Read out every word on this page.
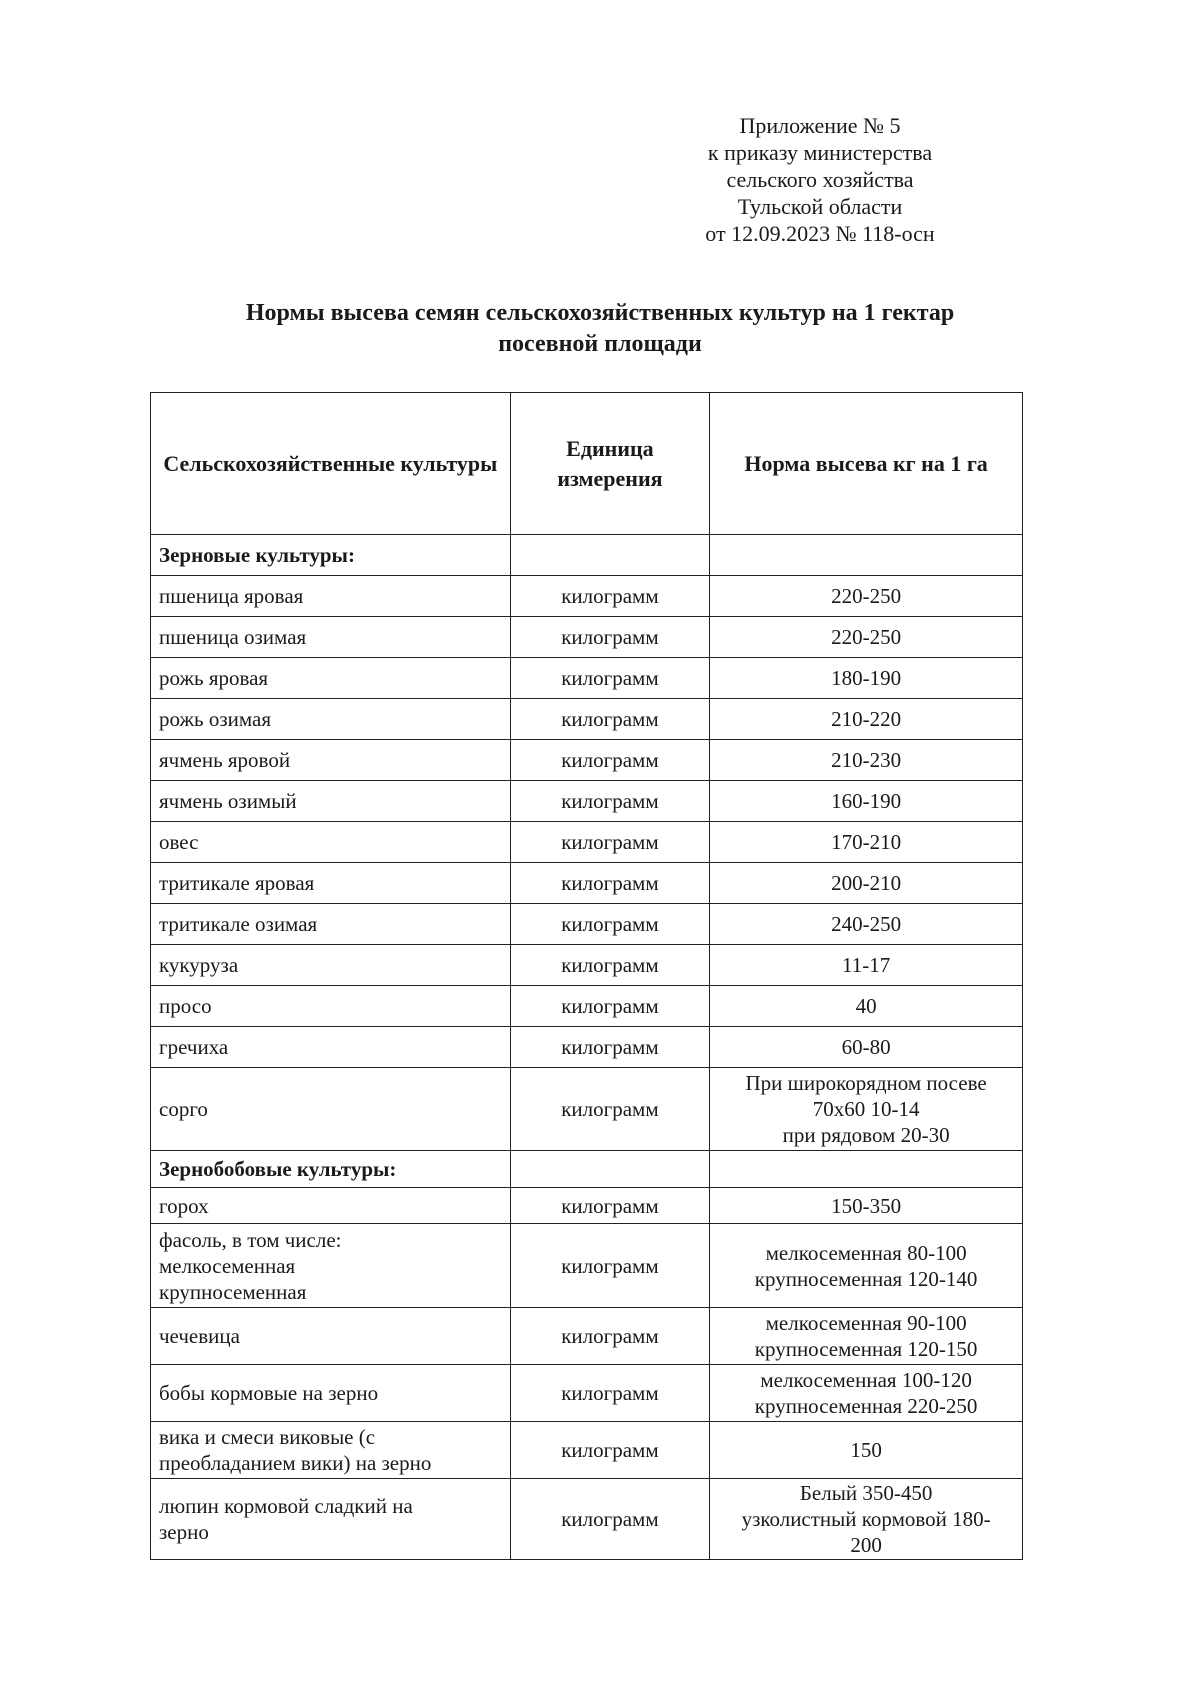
Приложение № 5
к приказу министерства
сельского хозяйства
Тульской области
от 12.09.2023 № 118-осн
Нормы высева семян сельскохозяйственных культур на 1 гектар
посевной площади
Сельскохозяйственные культуры	Единица измерения	Норма высева кг на 1 га
Зерновые культуры:		
пшеница яровая	килограмм	220-250
пшеница озимая	килограмм	220-250
рожь яровая	килограмм	180-190
рожь озимая	килограмм	210-220
ячмень яровой	килограмм	210-230
ячмень озимый	килограмм	160-190
овес	килограмм	170-210
тритикале яровая	килограмм	200-210
тритикале озимая	килограмм	240-250
кукуруза	килограмм	11-17
просо	килограмм	40
гречиха	килограмм	60-80
сорго	килограмм	При широкорядном посеве
70х60 10-14
при рядовом 20-30

Зернобобовые культуры:		
горох	килограмм	150-350

фасоль, в том числе:
мелкосеменная
крупносеменная	килограмм	мелкосеменная 80-100
крупносеменная 120-140

чечевица	килограмм	мелкосеменная 90-100
крупносеменная 120-150

бобы кормовые на зерно	килограмм	мелкосеменная 100-120
крупносеменная 220-250

вика и смеси виковые (с
преобладанием вики) на зерно	килограмм	150

люпин кормовой сладкий на
зерно	килограмм	Белый 350-450
узколистный кормовой 180-
200
